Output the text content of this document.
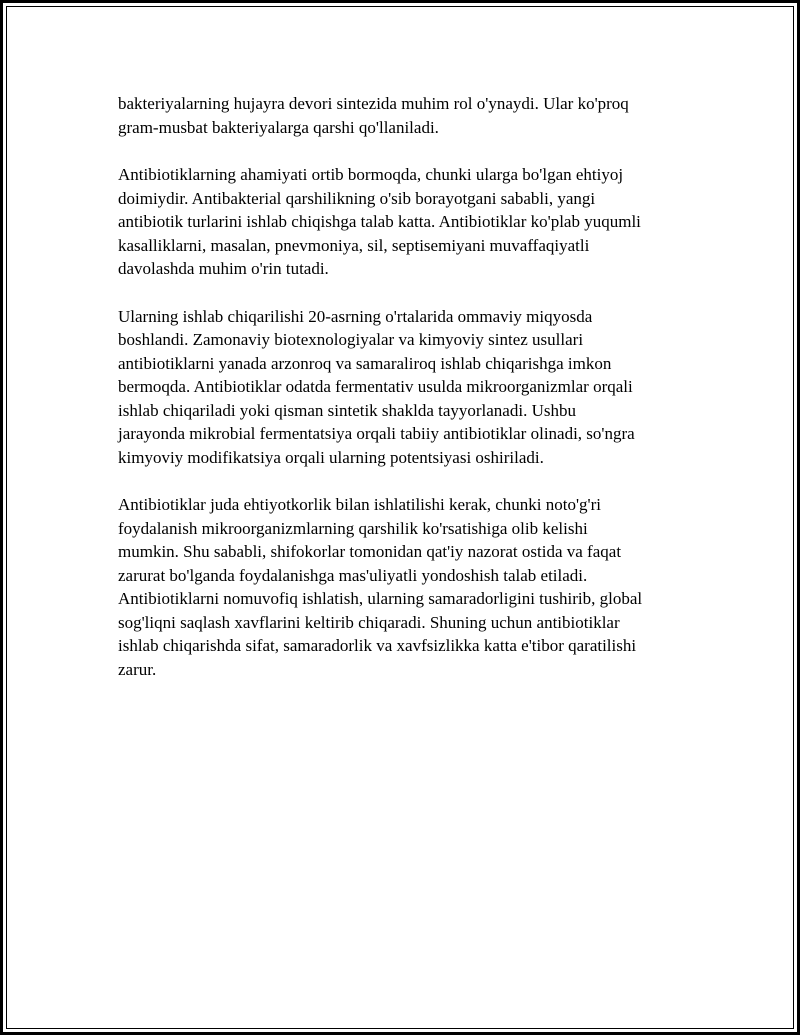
bakteriyalarning hujayra devori sintezida muhim rol o'ynaydi. Ular ko'proq
gram-musbat bakteriyalarga qarshi qo'llaniladi.

Antibiotiklarning ahamiyati ortib bormoqda, chunki ularga bo'lgan ehtiyoj
doimiydir. Antibakterial qarshilikning o'sib borayotgani sababli, yangi
antibiotik turlarini ishlab chiqishga talab katta. Antibiotiklar ko'plab yuqumli
kasalliklarni, masalan, pnevmoniya, sil, septisemiyani muvaffaqiyatli
davolashda muhim o'rin tutadi.

Ularning ishlab chiqarilishi 20-asrning o'rtalarida ommaviy miqyosda
boshlandi. Zamonaviy biotexnologiyalar va kimyoviy sintez usullari
antibiotiklarni yanada arzonroq va samaraliroq ishlab chiqarishga imkon
bermoqda. Antibiotiklar odatda fermentativ usulda mikroorganizmlar orqali
ishlab chiqariladi yoki qisman sintetik shaklda tayyorlanadi. Ushbu
jarayonda mikrobial fermentatsiya orqali tabiiy antibiotiklar olinadi, so'ngra
kimyoviy modifikatsiya orqali ularning potentsiyasi oshiriladi.

Antibiotiklar juda ehtiyotkorlik bilan ishlatilishi kerak, chunki noto'g'ri
foydalanish mikroorganizmlarning qarshilik ko'rsatishiga olib kelishi
mumkin. Shu sababli, shifokorlar tomonidan qat'iy nazorat ostida va faqat
zarurat bo'lganda foydalanishga mas'uliyatli yondoshish talab etiladi.
Antibiotiklarni nomuvofiq ishlatish, ularning samaradorligini tushirib, global
sog'liqni saqlash xavflarini keltirib chiqaradi. Shuning uchun antibiotiklar
ishlab chiqarishda sifat, samaradorlik va xavfsizlikka katta e'tibor qaratilishi
zarur.
